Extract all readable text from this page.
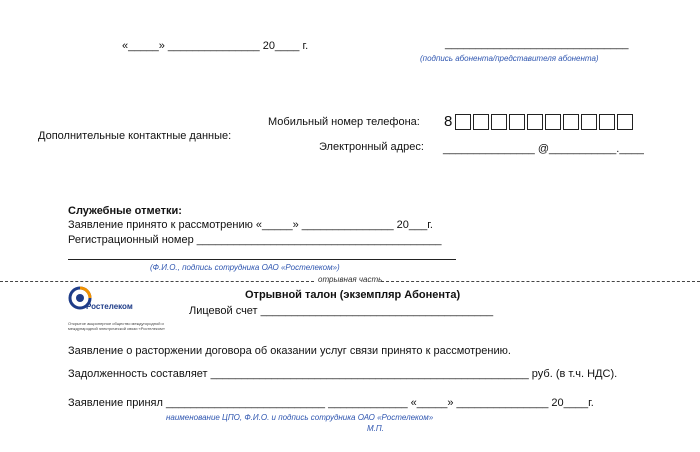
«_____» _______________ 20____ г.	______________________________
(подпись абонента/представителя абонента)
Мобильный номер телефона: 8
Дополнительные контактные данные:
Электронный адрес: _______________ @___________.____
Служебные отметки:
Заявление принято к рассмотрению «_____» _______________ 20___г.
Регистрационный номер ________________________________________
(Ф.И.О., подпись сотрудника ОАО «Ростелеком»)
отрывная часть
Ростелеком
Открытое акционерное общество междугородной и международной электрической связи «Ростелеком»
Отрывной талон (экземпляр Абонента)
Лицевой счет ______________________________________
Заявление о расторжении договора об оказании услуг связи принято к рассмотрению.
Задолженность составляет ____________________________________________________ руб. (в т.ч. НДС).
Заявление принял __________________________ _____________ «_____» _______________ 20____г.
наименование ЦПО, Ф.И.О. и подпись сотрудника ОАО «Ростелеком»
М.П.
